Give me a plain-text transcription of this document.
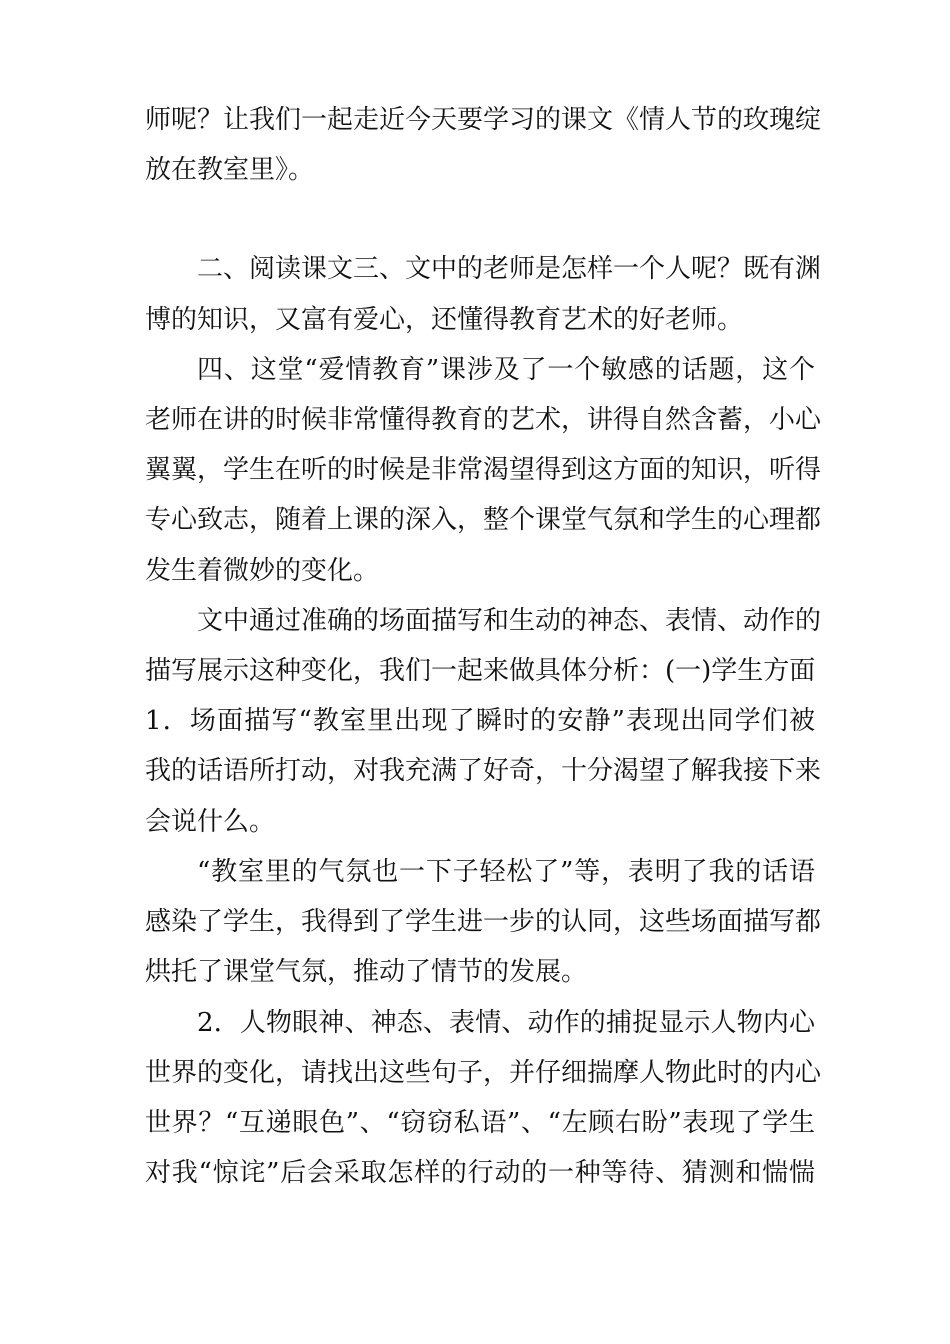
师呢？让我们一起走近今天要学习的课文《情人节的玫瑰绽
放在教室里》。
二、阅读课文三、文中的老师是怎样一个人呢？既有渊
博的知识，又富有爱心，还懂得教育艺术的好老师。
四、这堂“爱情教育”课涉及了一个敏感的话题，这个
老师在讲的时候非常懂得教育的艺术，讲得自然含蓄，小心
翼翼，学生在听的时候是非常渴望得到这方面的知识，听得
专心致志，随着上课的深入，整个课堂气氛和学生的心理都
发生着微妙的变化。
文中通过准确的场面描写和生动的神态、表情、动作的
描写展示这种变化，我们一起来做具体分析：(一)学生方面
1．场面描写“教室里出现了瞬时的安静”表现出同学们被
我的话语所打动，对我充满了好奇，十分渴望了解我接下来
会说什么。
“教室里的气氛也一下子轻松了”等，表明了我的话语
感染了学生，我得到了学生进一步的认同，这些场面描写都
烘托了课堂气氛，推动了情节的发展。
2．人物眼神、神态、表情、动作的捕捉显示人物内心
世界的变化，请找出这些句子，并仔细揣摩人物此时的内心
世界？“互递眼色”、“窃窃私语”、“左顾右盼”表现了学生
对我“惊诧”后会采取怎样的行动的一种等待、猜测和惴惴
